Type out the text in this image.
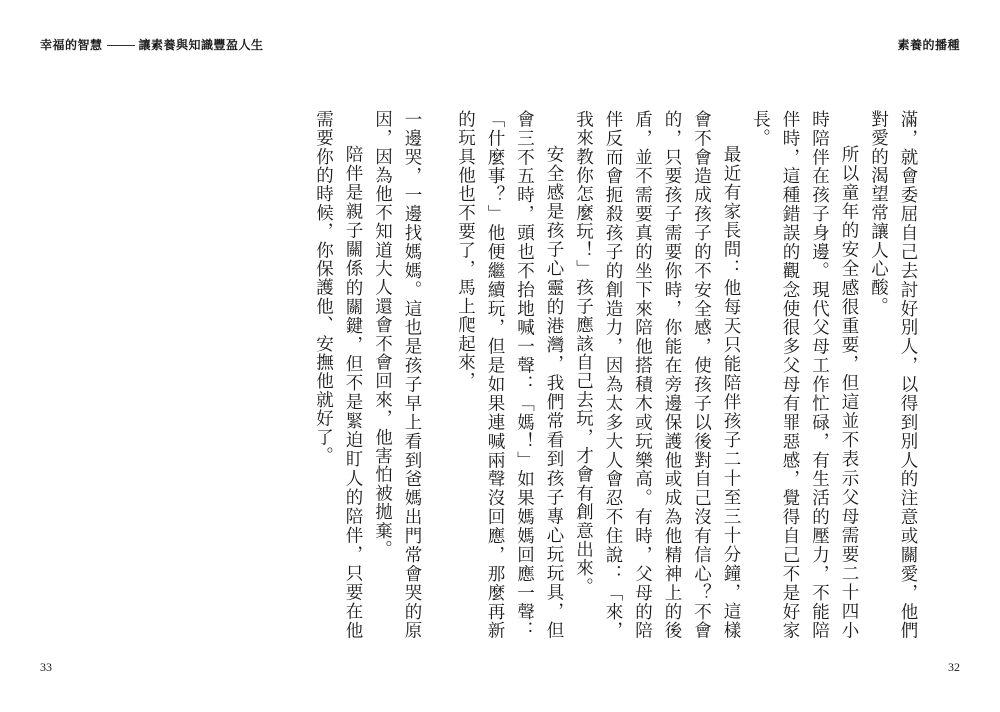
幸福的智慧	讓素養與知識豐盈人生	素養的播種

滿，就會委屈自己去討好別人，以得到別人的注意或關愛，他們對愛的渴望常讓人心酸。

所以童年的安全感很重要，但這並不表示父母需要二十四小時陪伴在孩子身邊。現代父母工作忙碌，有生活的壓力，不能陪伴時，這種錯誤的觀念使很多父母有罪惡感，覺得自己不是好家長。

最近有家長問：他每天只能陪伴孩子二十至三十分鐘，這樣會不會造成孩子的不安全感，使孩子以後對自己沒有信心？不會的，只要孩子需要你時，你能在旁邊保護他或成為他精神上的後盾，並不需要真的坐下來陪他搭積木或玩樂高。有時，父母的陪伴反而會扼殺孩子的創造力，因為太多大人會忍不住說：「來，我來教你怎麼玩！」孩子應該自己去玩，才會有創意出來。

安全感是孩子心靈的港灣，我們常看到孩子專心玩玩具，但會三不五時，頭也不抬地喊一聲：「媽！」如果媽媽回應一聲：「什麼事？」他便繼續玩，但是如果連喊兩聲沒回應，那麼再新的玩具他也不要了，馬上爬起來，

一邊哭，一邊找媽媽。這也是孩子早上看到爸媽出門常會哭的原因，因為他不知道大人還會不會回來，他害怕被拋棄。

陪伴是親子關係的關鍵，但不是緊迫盯人的陪伴，只要在他需要你的時候，你保護他、安撫他就好了。

33	32
